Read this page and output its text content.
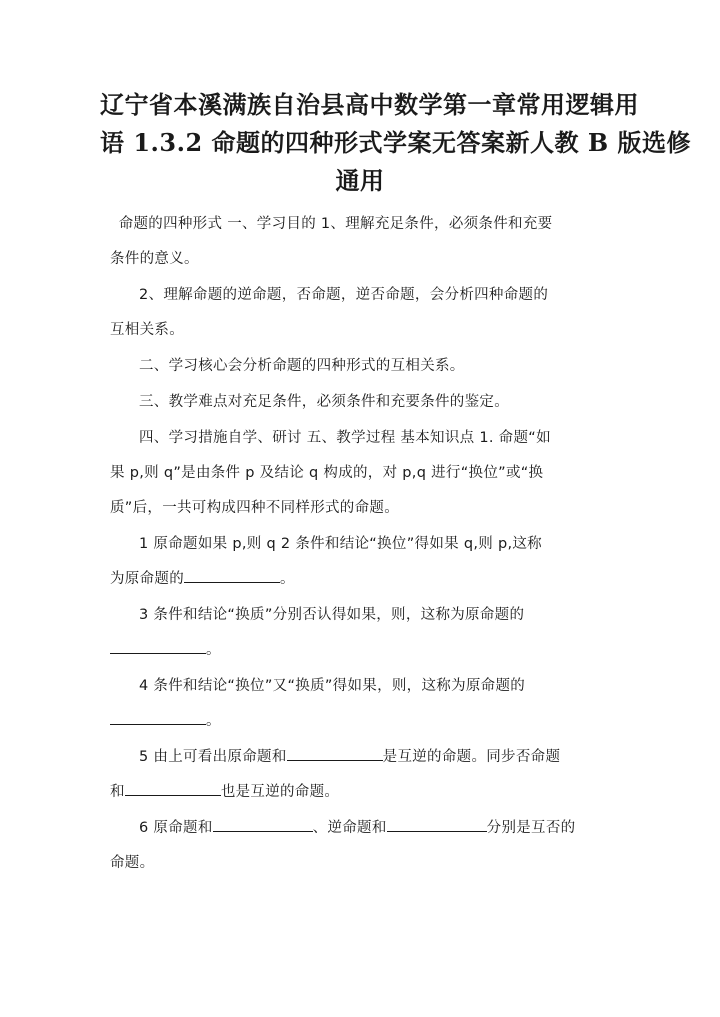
辽宁省本溪满族自治县高中数学第一章常用逻辑用
语 1.3.2 命题的四种形式学案无答案新人教 B 版选修
通用

命题的四种形式 一、学习目的 1、理解充足条件，必须条件和充要
条件的意义。

2、理解命题的逆命题，否命题，逆否命题，会分析四种命题的
互相关系。

二、学习核心会分析命题的四种形式的互相关系。

三、教学难点对充足条件，必须条件和充要条件的鉴定。

四、学习措施自学、研讨 五、教学过程 基本知识点 1. 命题“如
果 p,则 q”是由条件 p 及结论 q 构成的，对 p,q 进行“换位”或“换
质”后，一共可构成四种不同样形式的命题。

1 原命题如果 p,则 q 2 条件和结论“换位”得如果 q,则 p,这称
为原命题的	。

3 条件和结论“换质”分别否认得如果，则，这称为原命题的
。

4 条件和结论“换位”又“换质”得如果，则，这称为原命题的
。

5 由上可看出原命题和	是互逆的命题。同步否命题
和	也是互逆的命题。

6 原命题和	、逆命题和	分别是互否的
命题。
